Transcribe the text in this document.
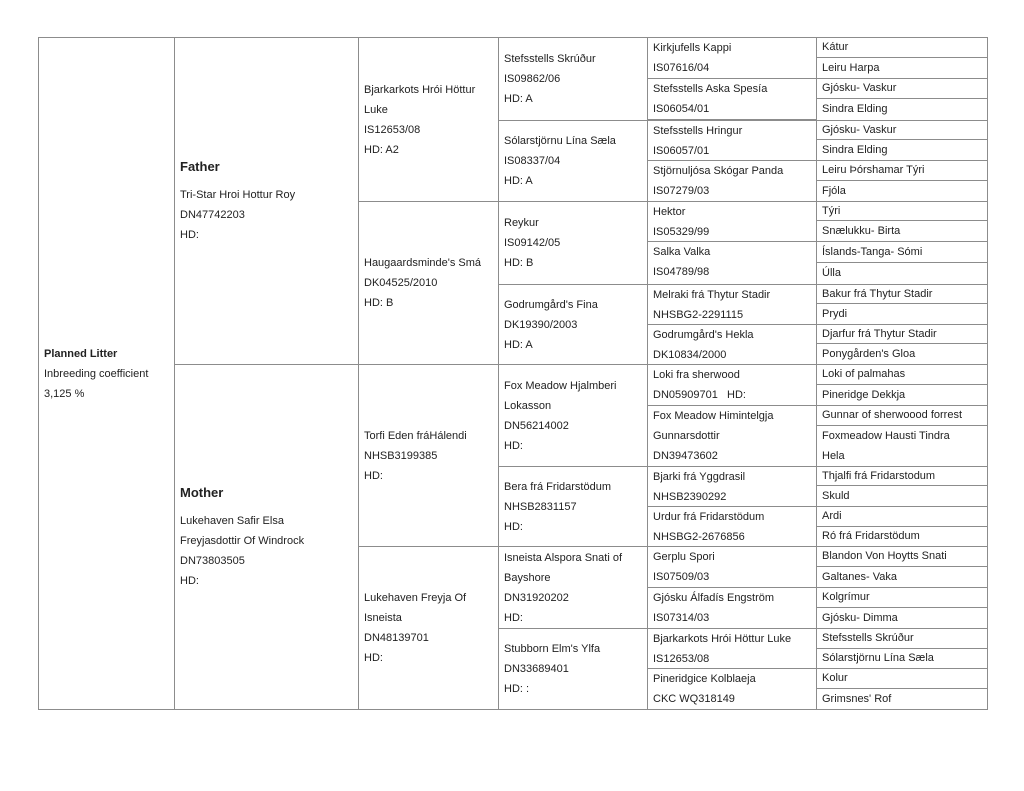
Planned Litter
Inbreeding coefficient
3,125 %
Father
Tri-Star Hroi Hottur Roy
DN47742203
HD:
Mother
Lukehaven Safir Elsa
Freyjasdottir Of Windrock
DN73803505
HD:
Bjarkarkots Hrói Höttur
Luke
IS12653/08
HD: A2
Haugaardsminde's Smá
DK04525/2010
HD: B
Torfi Eden fráHálendi
NHSB3199385
HD:
Lukehaven Freyja Of
Isneista
DN48139701
HD:
Stefsstells Skrúður
IS09862/06
HD: A
Sólarstjörnu Lína Sæla
IS08337/04
HD: A
Reykur
IS09142/05
HD: B
Godrumgård's Fina
DK19390/2003
HD: A
Fox Meadow Hjalmberi
Lokasson
DN56214002
HD:
Bera frá Fridarstödum
NHSB2831157
HD:
Isneista Alspora Snati of
Bayshore
DN31920202
HD:
Stubborn Elm's Ylfa
DN33689401
HD: :
Kirkjufells Kappi
IS07616/04
Stefsstells Aska Spesía
IS06054/01
Stefsstells Hringur
IS06057/01
Stjörnuljósa Skógar Panda
IS07279/03
Hektor
IS05329/99
Salka Valka
IS04789/98
Melraki frá Thytur Stadir
NHSBG2-2291115
Godrumgård's Hekla
DK10834/2000
Loki fra sherwood
DN05909701   HD:
Fox Meadow Himintelgja
Gunnarsdottir
DN39473602
Bjarki frá Yggdrasil
NHSB2390292
Urdur frá Fridarstödum
NHSBG2-2676856
Gerplu Spori
IS07509/03
Gjósku Álfadís Engström
IS07314/03
Bjarkarkots Hrói Höttur Luke
IS12653/08
Pineridgice Kolblaeja
CKC WQ318149
Kátur
Leiru Harpa
Gjósku- Vaskur
Sindra Elding
Gjósku- Vaskur
Sindra Elding
Leiru Þórshamar Týri
Fjóla
Týri
Snælukku- Birta
Íslands-Tanga- Sómi
Úlla
Bakur frá Thytur Stadir
Prydi
Djarfur frá Thytur Stadir
Ponygården's Gloa
Loki of palmahas
Pineridge Dekkja
Gunnar of sherwoood forrest
Foxmeadow Hausti Tindra
Hela
Thjalfi frá Fridarstodum
Skuld
Ardi
Ró frá Fridarstödum
Blandon Von Hoytts Snati
Galtanes- Vaka
Kolgrímur
Gjósku- Dimma
Stefsstells Skrúður
Sólarstjörnu Lína Sæla
Kolur
Grimsnes' Rof
